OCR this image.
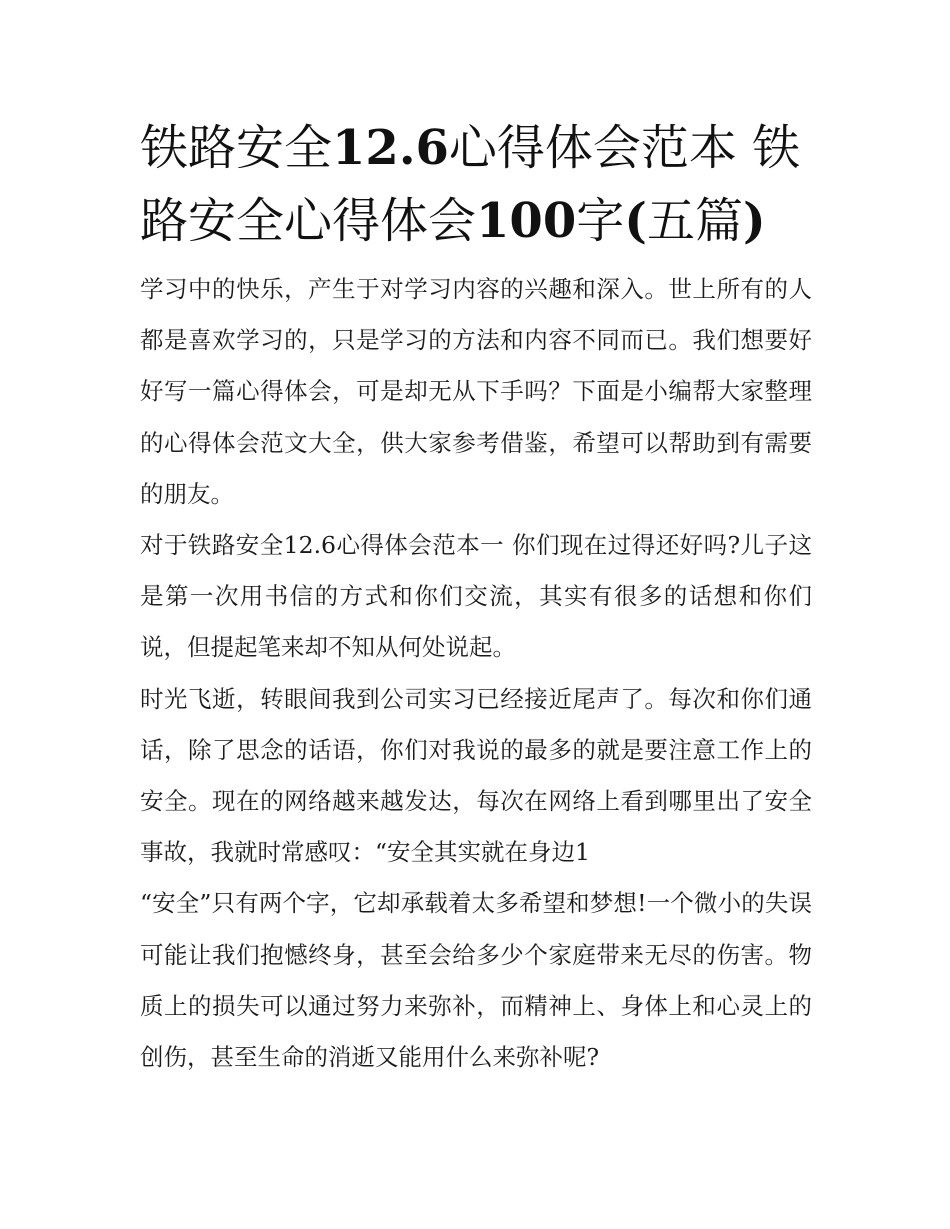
铁路安全12.6心得体会范本 铁路安全心得体会100字(五篇)

学习中的快乐，产生于对学习内容的兴趣和深入。世上所有的人都是喜欢学习的，只是学习的方法和内容不同而已。我们想要好好写一篇心得体会，可是却无从下手吗？下面是小编帮大家整理的心得体会范文大全，供大家参考借鉴，希望可以帮助到有需要的朋友。

对于铁路安全12.6心得体会范本一 你们现在过得还好吗?儿子这是第一次用书信的方式和你们交流，其实有很多的话想和你们说，但提起笔来却不知从何处说起。

时光飞逝，转眼间我到公司实习已经接近尾声了。每次和你们通话，除了思念的话语，你们对我说的最多的就是要注意工作上的安全。现在的网络越来越发达，每次在网络上看到哪里出了安全事故，我就时常感叹：“安全其实就在身边1

“安全”只有两个字，它却承载着太多希望和梦想!一个微小的失误可能让我们抱憾终身，甚至会给多少个家庭带来无尽的伤害。物质上的损失可以通过努力来弥补，而精神上、身体上和心灵上的创伤，甚至生命的消逝又能用什么来弥补呢?
